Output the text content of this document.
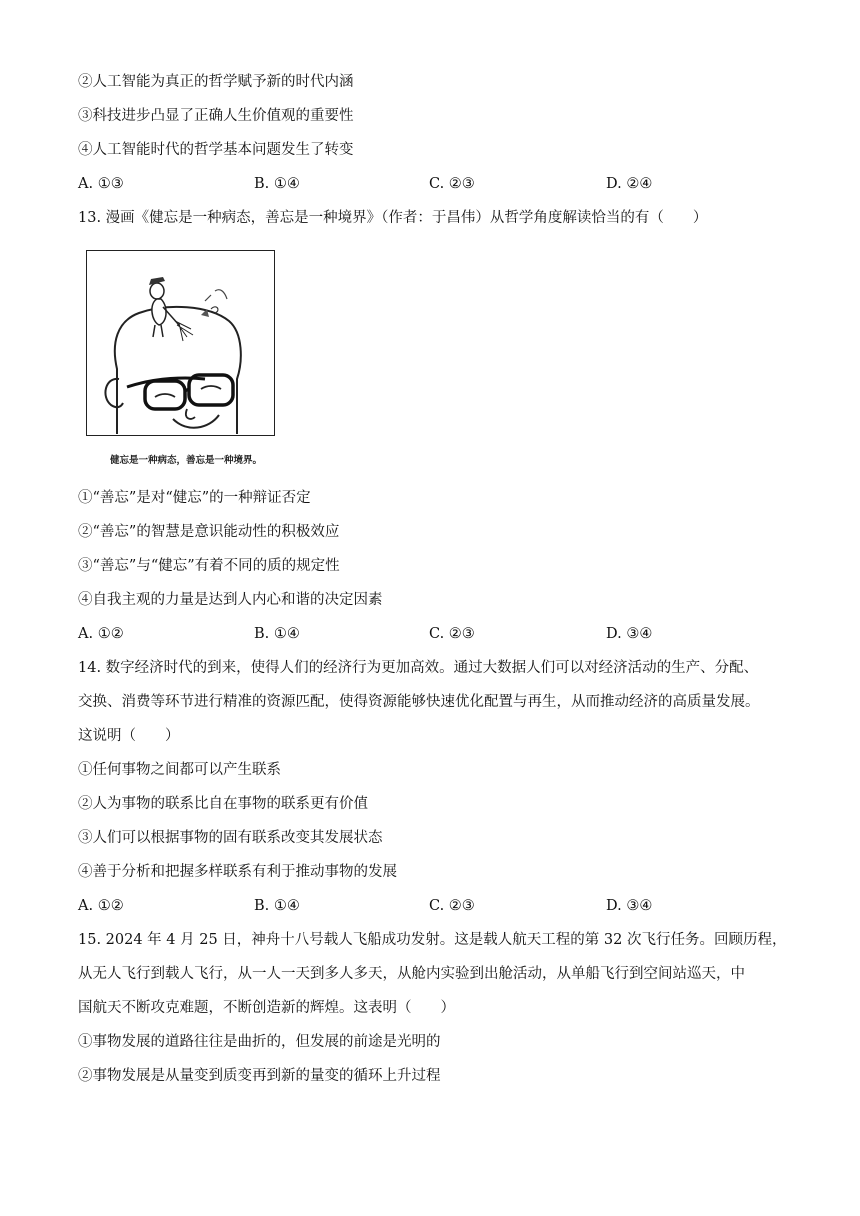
②人工智能为真正的哲学赋予新的时代内涵
③科技进步凸显了正确人生价值观的重要性
④人工智能时代的哲学基本问题发生了转变
A. ①③	B. ①④	C. ②③	D. ②④
13. 漫画《健忘是一种病态，善忘是一种境界》（作者：于昌伟）从哲学角度解读恰当的有（　　）
健忘是一种病态，善忘是一种境界。
①“善忘”是对“健忘”的一种辩证否定
②“善忘”的智慧是意识能动性的积极效应
③“善忘”与“健忘”有着不同的质的规定性
④自我主观的力量是达到人内心和谐的决定因素
A. ①②	B. ①④	C. ②③	D. ③④
14. 数字经济时代的到来，使得人们的经济行为更加高效。通过大数据人们可以对经济活动的生产、分配、
交换、消费等环节进行精准的资源匹配，使得资源能够快速优化配置与再生，从而推动经济的高质量发展。
这说明（　　）
①任何事物之间都可以产生联系
②人为事物的联系比自在事物的联系更有价值
③人们可以根据事物的固有联系改变其发展状态
④善于分析和把握多样联系有利于推动事物的发展
A. ①②	B. ①④	C. ②③	D. ③④
15. 2024 年 4 月 25 日，神舟十八号载人飞船成功发射。这是载人航天工程的第 32 次飞行任务。回顾历程，
从无人飞行到载人飞行，从一人一天到多人多天，从舱内实验到出舱活动，从单船飞行到空间站巡天，中
国航天不断攻克难题，不断创造新的辉煌。这表明（　　）
①事物发展的道路往往是曲折的，但发展的前途是光明的
②事物发展是从量变到质变再到新的量变的循环上升过程
